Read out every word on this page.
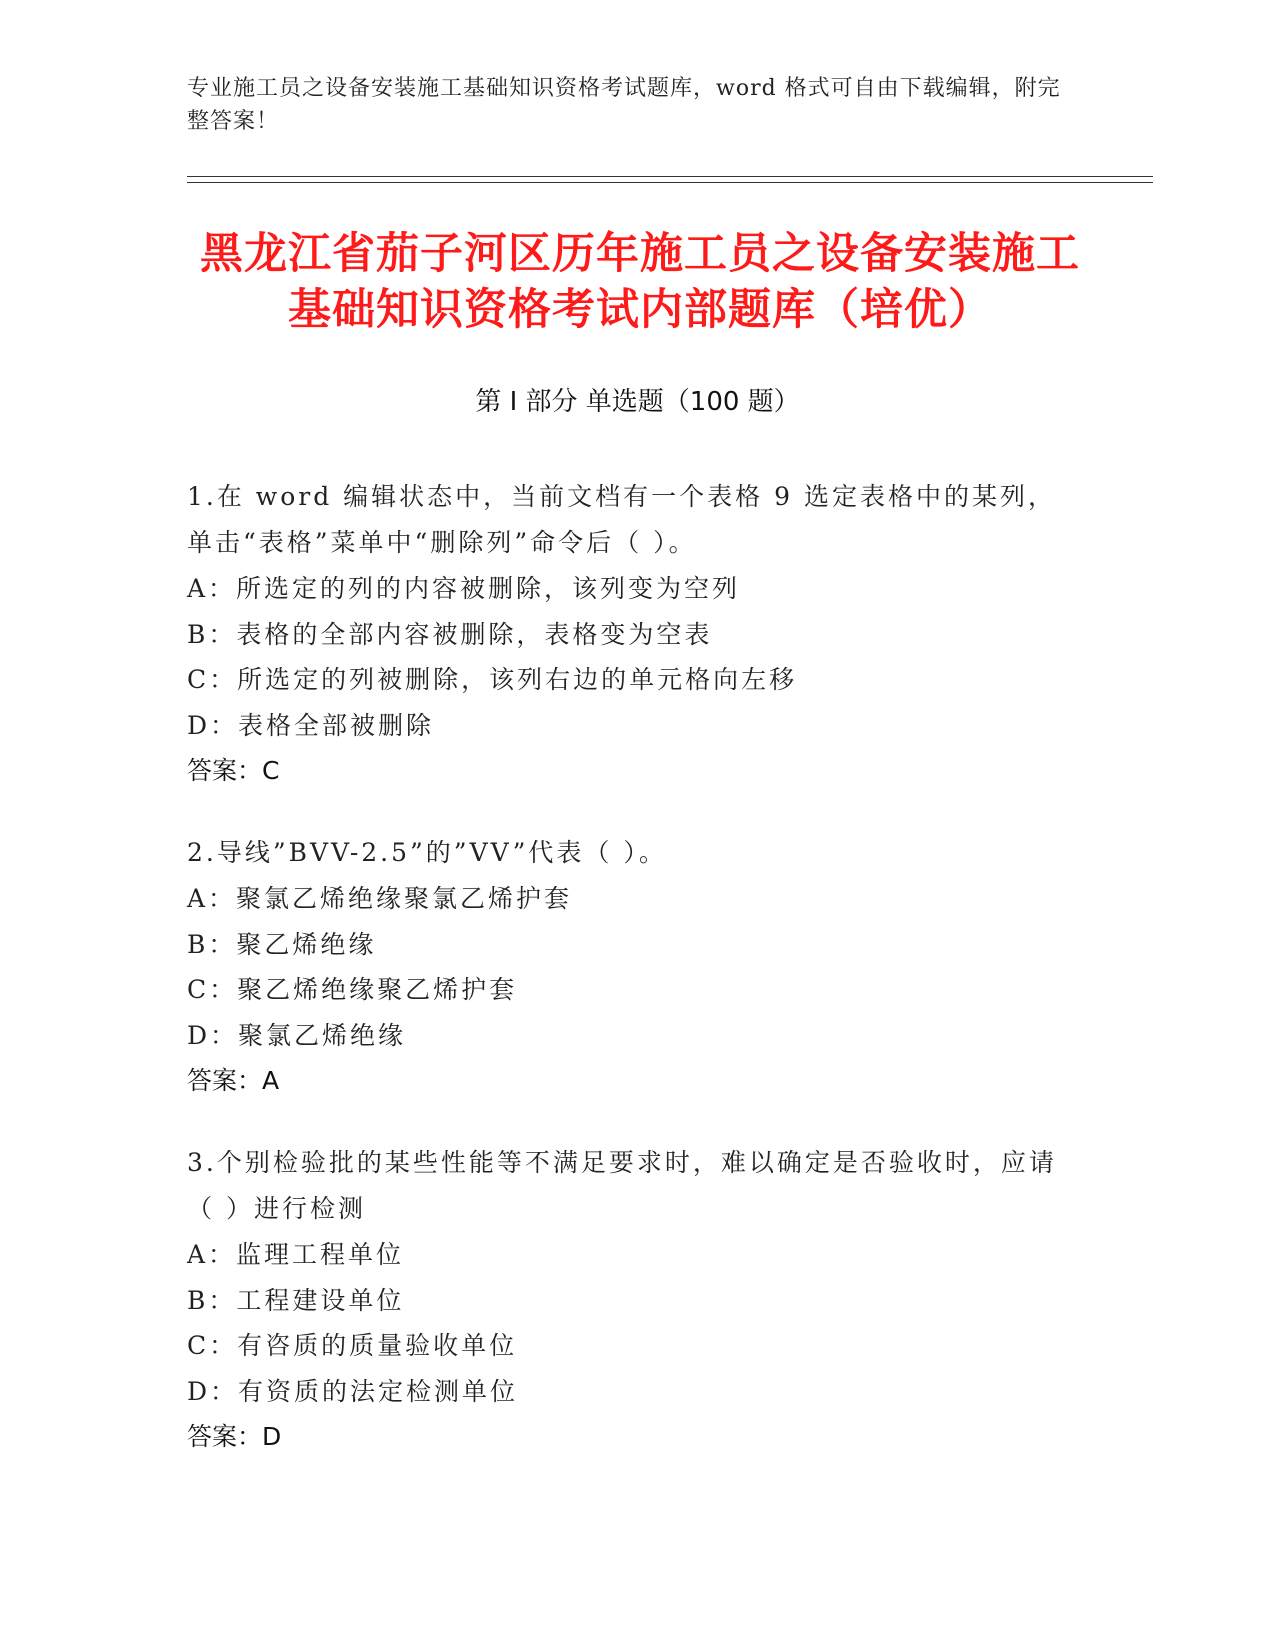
专业施工员之设备安装施工基础知识资格考试题库，word 格式可自由下载编辑，附完整答案！
黑龙江省茄子河区历年施工员之设备安装施工基础知识资格考试内部题库（培优）
第 I 部分 单选题（100 题）
1.在 word 编辑状态中，当前文档有一个表格 9 选定表格中的某列，单击“表格”菜单中“删除列”命令后（ ）。
A：所选定的列的内容被删除，该列变为空列
B：表格的全部内容被删除，表格变为空表
C：所选定的列被删除，该列右边的单元格向左移
D：表格全部被删除
答案：C
2.导线”BVV-2.5”的”VV”代表（ ）。
A：聚氯乙烯绝缘聚氯乙烯护套
B：聚乙烯绝缘
C：聚乙烯绝缘聚乙烯护套
D：聚氯乙烯绝缘
答案：A
3.个别检验批的某些性能等不满足要求时，难以确定是否验收时，应请（ ）进行检测
A：监理工程单位
B：工程建设单位
C：有咨质的质量验收单位
D：有资质的法定检测单位
答案：D
